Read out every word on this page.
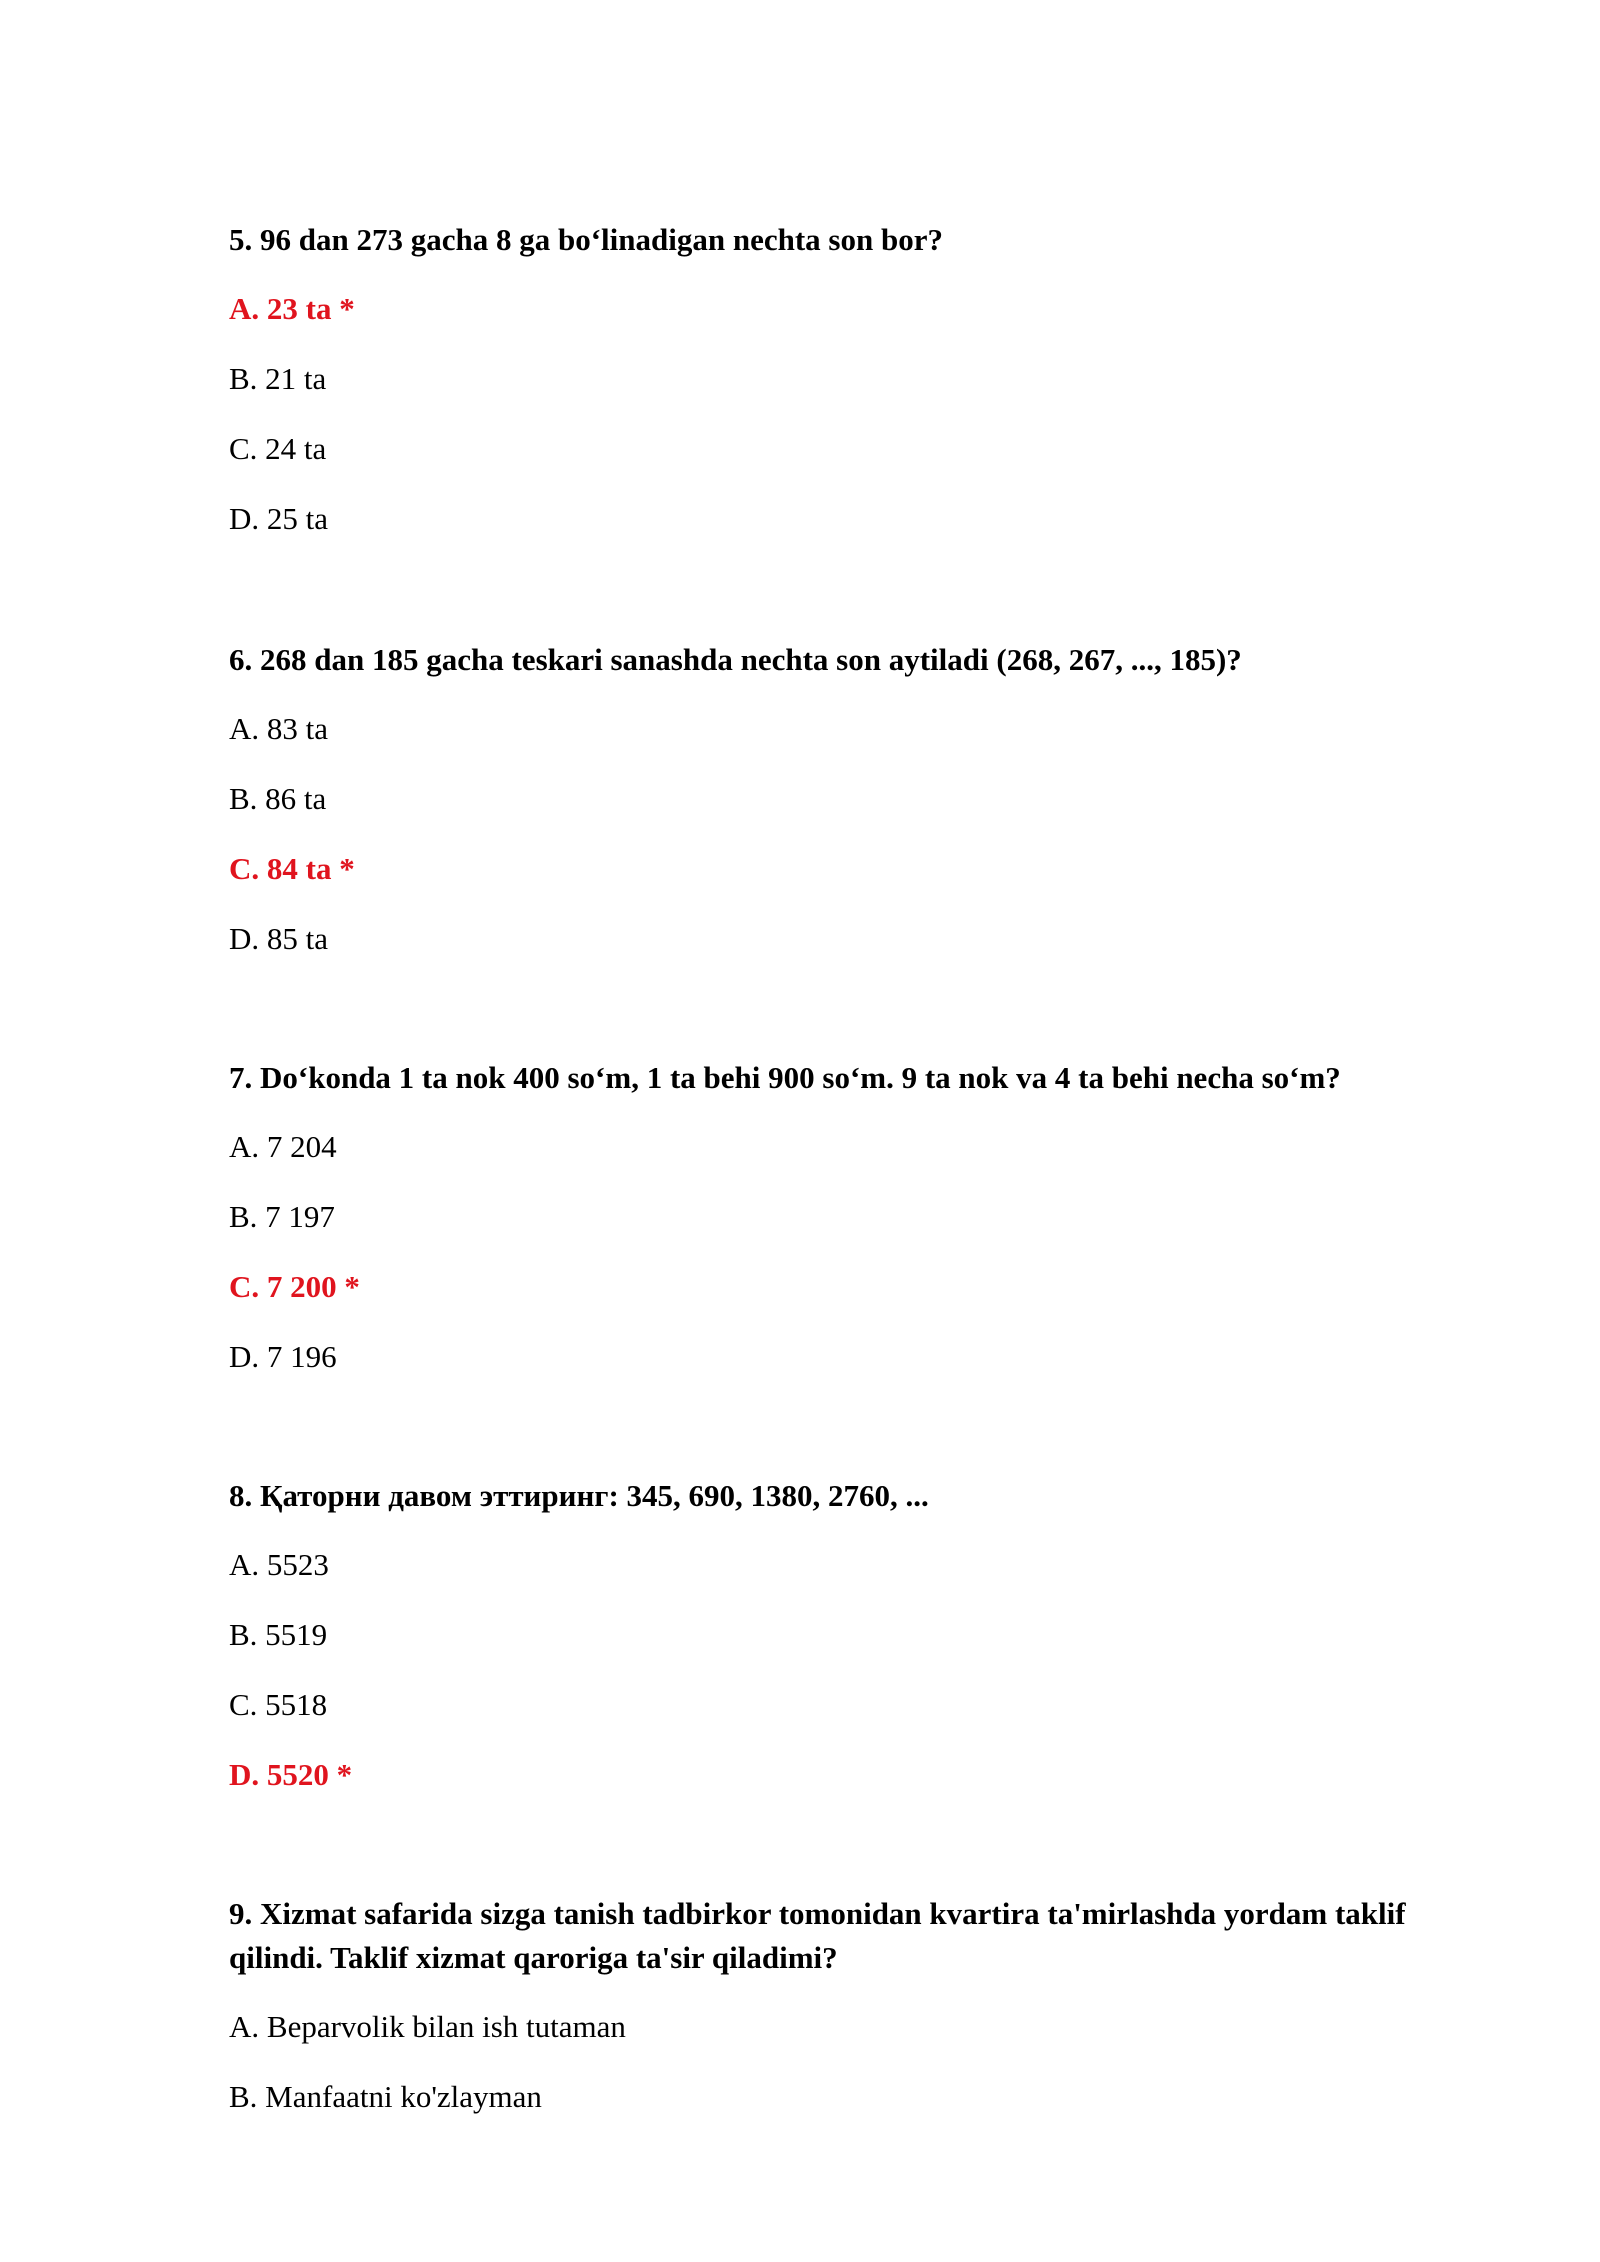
5. 96 dan 273 gacha 8 ga bo‘linadigan nechta son bor?

A. 23 ta *

B. 21 ta

C. 24 ta

D. 25 ta

6. 268 dan 185 gacha teskari sanashda nechta son aytiladi (268, 267, ..., 185)?

A. 83 ta

B. 86 ta

C. 84 ta *

D. 85 ta

7. Do‘konda 1 ta nok 400 so‘m, 1 ta behi 900 so‘m. 9 ta nok va 4 ta behi necha so‘m?

A. 7 204

B. 7 197

C. 7 200 *

D. 7 196

8. Қаторни давом эттиринг: 345, 690, 1380, 2760, ...

A. 5523

B. 5519

C. 5518

D. 5520 *

9. Xizmat safarida sizga tanish tadbirkor tomonidan kvartira ta'mirlashda yordam taklif qilindi. Taklif xizmat qaroriga ta'sir qiladimi?

A. Beparvolik bilan ish tutaman

B. Manfaatni ko'zlayman
